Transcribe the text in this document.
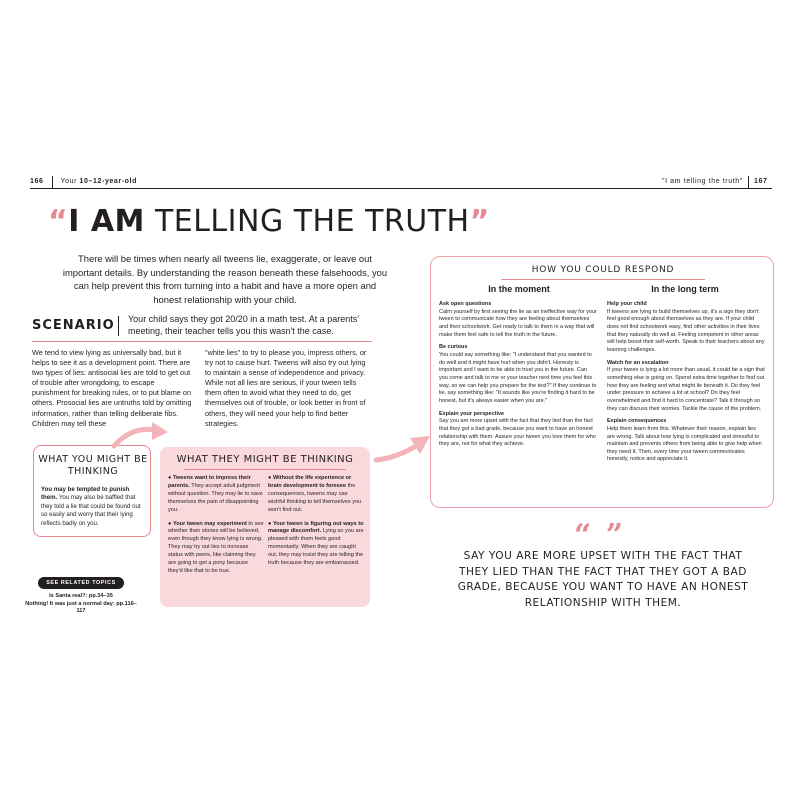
166 Your 10–12-year-old	"I am telling the truth" 167
“I AM TELLING THE TRUTH”
There will be times when nearly all tweens lie, exaggerate, or leave out important details. By understanding the reason beneath these falsehoods, you can help prevent this from turning into a habit and have a more open and honest relationship with your child.
SCENARIO Your child says they got 20/20 in a math test. At a parents' meeting, their teacher tells you this wasn't the case.
We tend to view lying as universally bad, but it helps to see it as a development point. There are two types of lies: antisocial lies are told to get out of trouble after wrongdoing, to escape punishment for breaking rules, or to put blame on others. Prosocial lies are untruths told by omitting information, rather than telling deliberate fibs. Children may tell these
"white lies" to try to please you, impress others, or try not to cause hurt. Tweens will also try out lying to maintain a sense of independence and privacy. While not all lies are serious, if your tween tells them often to avoid what they need to do, get themselves out of trouble, or look better in front of others, they will need your help to find better strategies.
WHAT YOU MIGHT BE THINKING
You may be tempted to punish them. You may also be baffled that they told a lie that could be found out so easily and worry that their lying reflects badly on you.
WHAT THEY MIGHT BE THINKING

● Tweens want to impress their parents. They accept adult judgment without question. They may lie to save themselves the pain of disappointing you.

● Your tween may experiment to see whether their stories will be believed, even though they know lying is wrong. They may try out lies to increase status with peers, like claiming they are going to get a pony because they'd like that to be true.

● Without the life experience or brain development to foresee the consequences, tweens may use wishful thinking to tell themselves you won't find out.

● Your tween is figuring out ways to manage discomfort. Lying so you are pleased with them feels good momentarily. When they are caught out, they may insist they are telling the truth because they are embarrassed.

SEE RELATED TOPICS
Is Santa real?: pp.34–35
Nothing! It was just a normal day: pp.116–117
HOW YOU COULD RESPOND
In the moment	In the long term

Ask open questions
Calm yourself by first seeing the lie as an ineffective way for your tween to communicate how they are feeling about themselves and their schoolwork. Get ready to talk to them in a way that will make them feel safe to tell the truth in the future.

Be curious
You could say something like: "I understand that you wanted to do well and it might have hurt when you didn't. Honesty is important and I want to be able to trust you in the future. Can you come and talk to me or your teacher next time you feel this way, so we can help you prepare for the test?" If they continue to lie, say something like: "It sounds like you're finding it hard to be honest, but it's always easier when you are."

Explain your perspective
Say you are more upset with the fact that they lied than the fact that they got a bad grade, because you want to have an honest relationship with them. Assure your tween you love them for who they are, not for what they achieve.

Help your child
If tweens are lying to build themselves up, it's a sign they don't feel good enough about themselves as they are. If your child does not find schoolwork easy, find other activities in their lives that they naturally do well at. Feeling competent in other areas will help boost their self-worth. Speak to their teachers about any learning challenges.

Watch for an escalation
If your tween is lying a lot more than usual, it could be a sign that something else is going on. Spend extra time together to find out how they are feeling and what might lie beneath it. Do they feel under pressure to achieve a lot at school? Do they feel overwhelmed and find it hard to concentrate? Talk it through so they can discuss their worries. Tackle the cause of the problem.

Explain consequences
Help them learn from this. Whatever their reason, explain lies are wrong. Talk about how lying is complicated and stressful to maintain and prevents others from being able to give help when they need it. Then, every time your tween communicates honestly, notice and appreciate it.

“ ”
SAY YOU ARE MORE UPSET WITH THE FACT THAT THEY LIED THAN THE FACT THAT THEY GOT A BAD GRADE, BECAUSE YOU WANT TO HAVE AN HONEST RELATIONSHIP WITH THEM.
